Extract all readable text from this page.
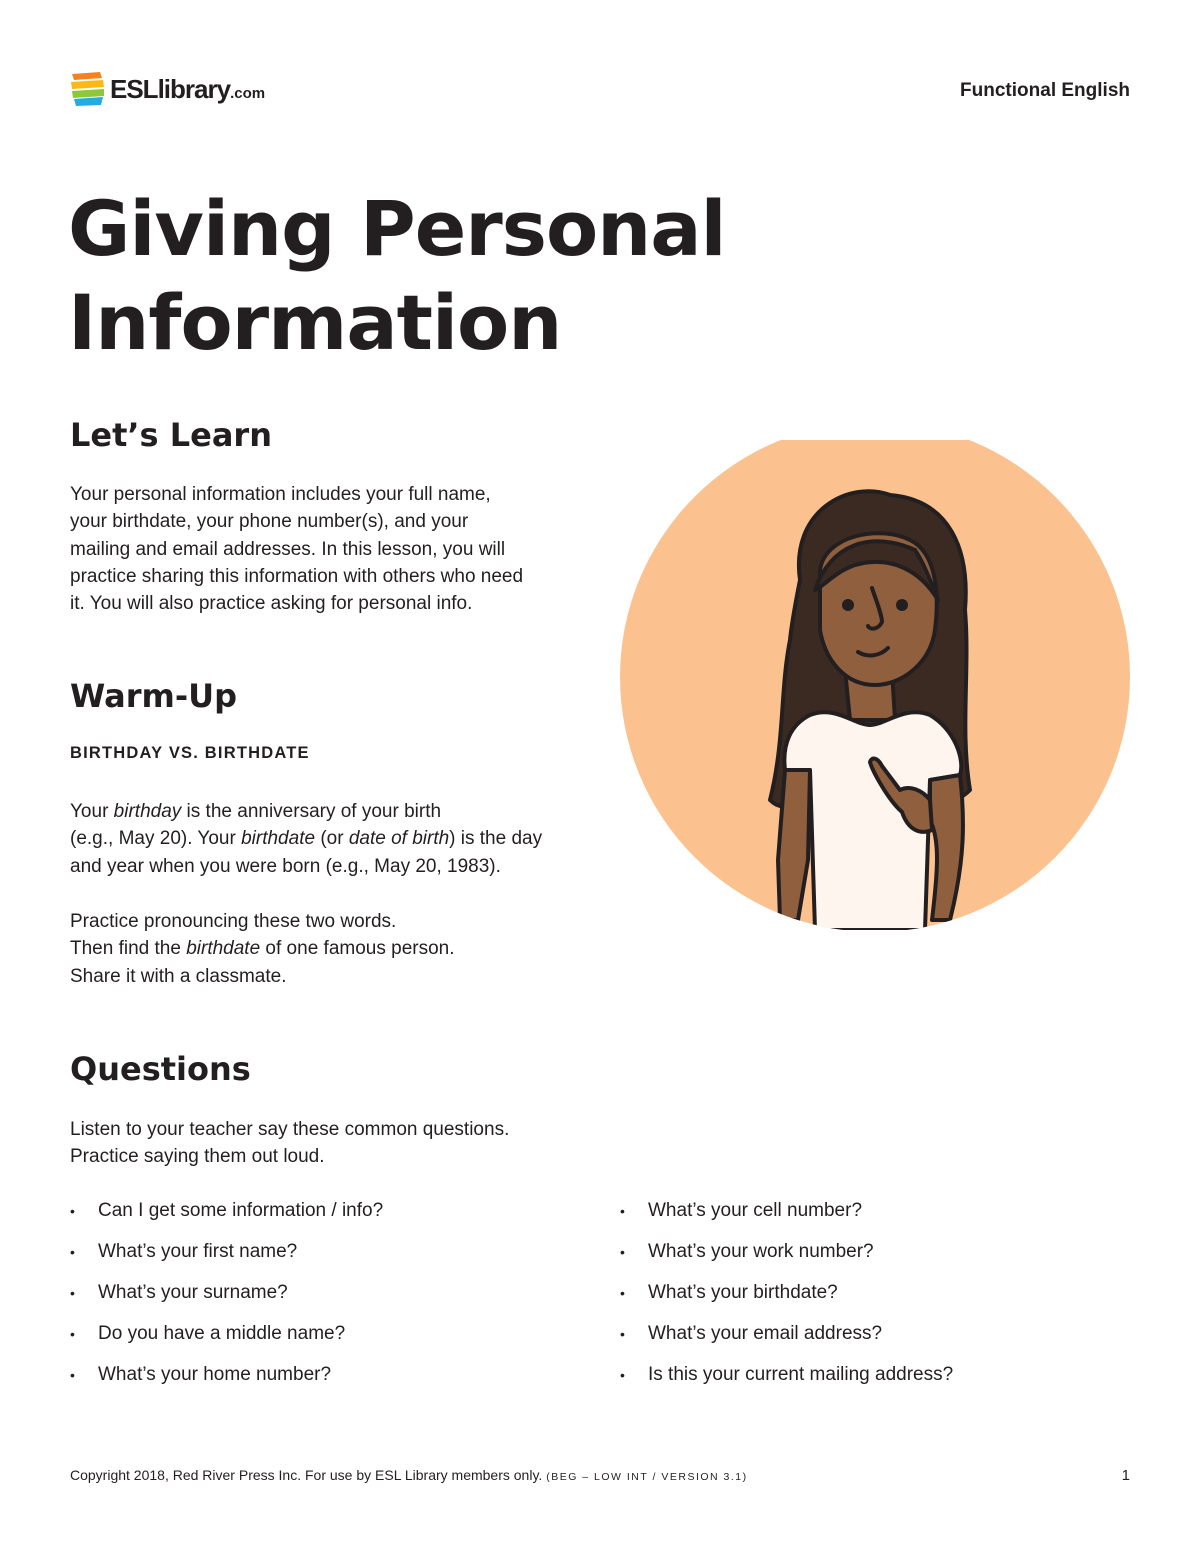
ESLlibrary.com	Functional English
Giving Personal
Information
Let’s Learn

Your personal information includes your full name,
your birthdate, your phone number(s), and your
mailing and email addresses. In this lesson, you will
practice sharing this information with others who need
it. You will also practice asking for personal info.

Warm-Up
BIRTHDAY VS. BIRTHDATE

Your birthday is the anniversary of your birth
(e.g., May 20). Your birthdate (or date of birth) is the day
and year when you were born (e.g., May 20, 1983).

Practice pronouncing these two words.
Then find the birthdate of one famous person.
Share it with a classmate.

Questions

Listen to your teacher say these common questions.
Practice saying them out loud.

• Can I get some information / info?
• What’s your first name?
• What’s your surname?
• Do you have a middle name?
• What’s your home number?
• What’s your cell number?
• What’s your work number?
• What’s your birthdate?
• What’s your email address?
• Is this your current mailing address?
Copyright 2018, Red River Press Inc. For use by ESL Library members only. (BEG – LOW INT / VERSION 3.1)	1
